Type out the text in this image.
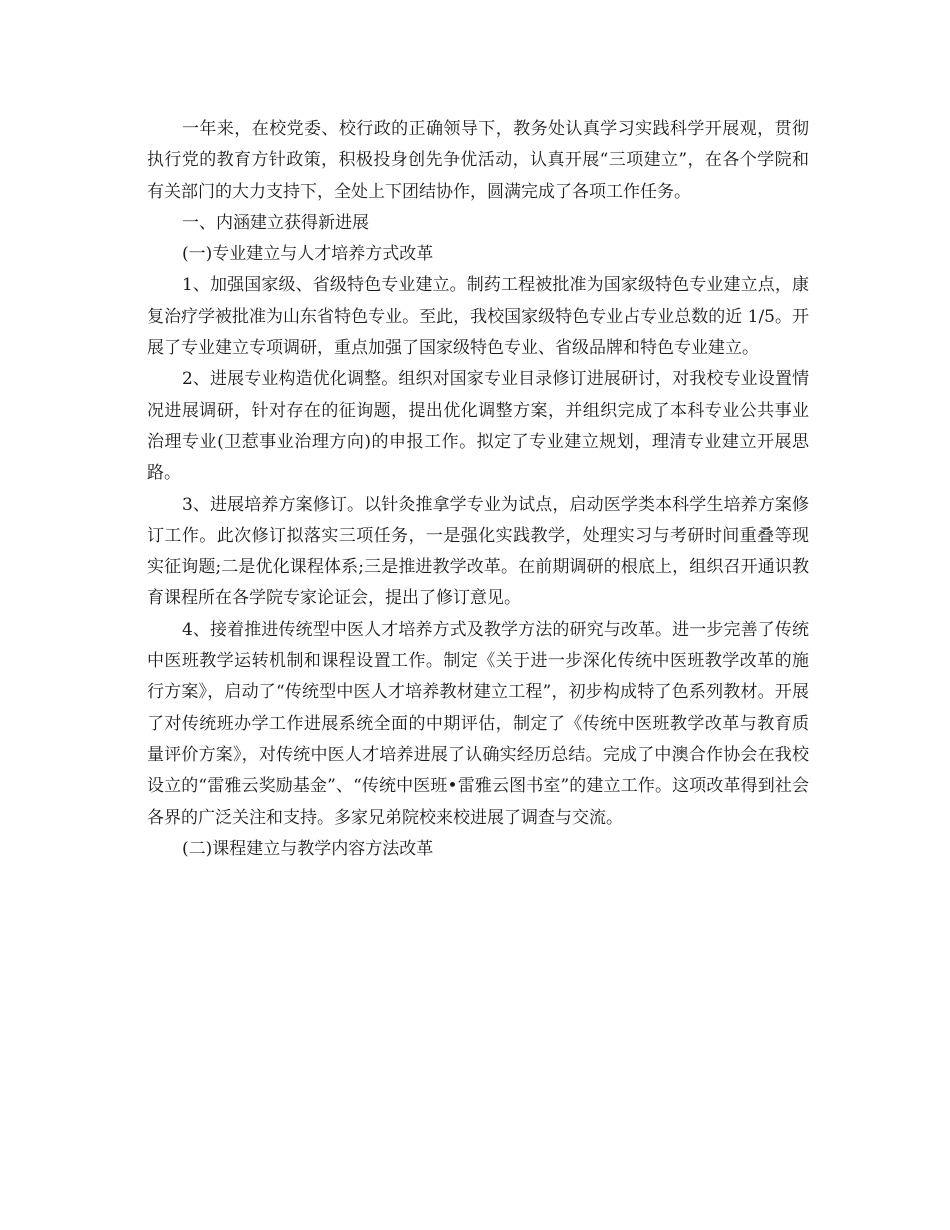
一年来，在校党委、校行政的正确领导下，教务处认真学习实践科学开展观，贯彻执行党的教育方针政策，积极投身创先争优活动，认真开展“三项建立”，在各个学院和有关部门的大力支持下，全处上下团结协作，圆满完成了各项工作任务。

一、内涵建立获得新进展

(一)专业建立与人才培养方式改革

1、加强国家级、省级特色专业建立。制药工程被批准为国家级特色专业建立点，康复治疗学被批准为山东省特色专业。至此，我校国家级特色专业占专业总数的近 1/5。开展了专业建立专项调研，重点加强了国家级特色专业、省级品牌和特色专业建立。

2、进展专业构造优化调整。组织对国家专业目录修订进展研讨，对我校专业设置情况进展调研，针对存在的征询题，提出优化调整方案，并组织完成了本科专业公共事业治理专业(卫惹事业治理方向)的申报工作。拟定了专业建立规划，理清专业建立开展思路。

3、进展培养方案修订。以针灸推拿学专业为试点，启动医学类本科学生培养方案修订工作。此次修订拟落实三项任务，一是强化实践教学，处理实习与考研时间重叠等现实征询题;二是优化课程体系;三是推进教学改革。在前期调研的根底上，组织召开通识教育课程所在各学院专家论证会，提出了修订意见。

4、接着推进传统型中医人才培养方式及教学方法的研究与改革。进一步完善了传统中医班教学运转机制和课程设置工作。制定《关于进一步深化传统中医班教学改革的施行方案》，启动了“传统型中医人才培养教材建立工程”，初步构成特了色系列教材。开展了对传统班办学工作进展系统全面的中期评估，制定了《传统中医班教学改革与教育质量评价方案》，对传统中医人才培养进展了认确实经历总结。完成了中澳合作协会在我校设立的“雷雅云奖励基金”、“传统中医班•雷雅云图书室”的建立工作。这项改革得到社会各界的广泛关注和支持。多家兄弟院校来校进展了调查与交流。

(二)课程建立与教学内容方法改革
